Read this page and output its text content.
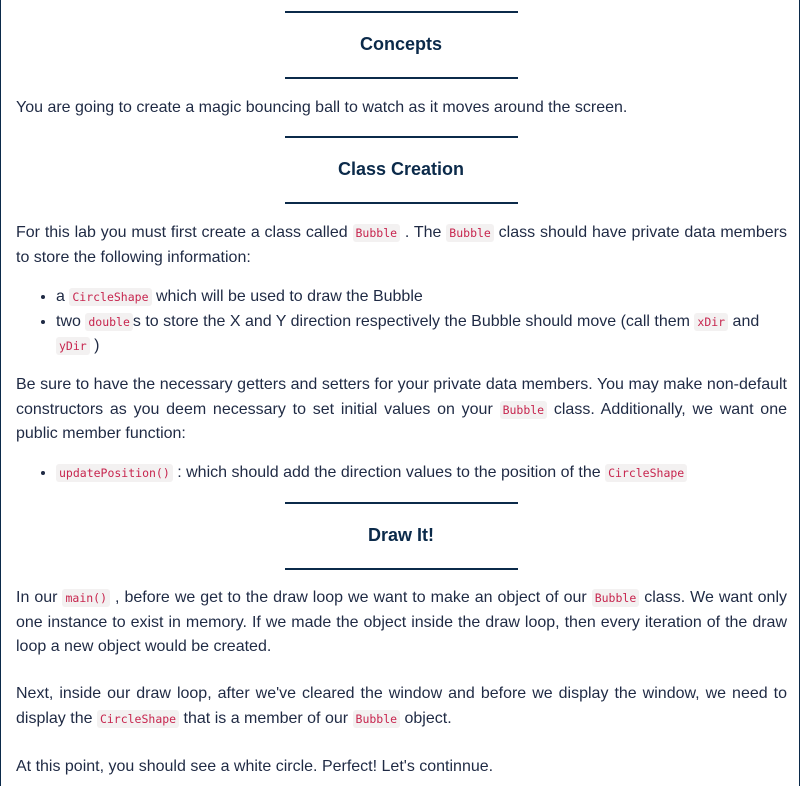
Concepts

You are going to create a magic bouncing ball to watch as it moves around the screen.

Class Creation

For this lab you must first create a class called Bubble . The Bubble class should have private data members to store the following information:

• a CircleShape which will be used to draw the Bubble
• two double s to store the X and Y direction respectively the Bubble should move (call them xDir and yDir )

Be sure to have the necessary getters and setters for your private data members. You may make non-default constructors as you deem necessary to set initial values on your Bubble class. Additionally, we want one public member function:

• updatePosition() : which should add the direction values to the position of the CircleShape
Draw It!

In our main() , before we get to the draw loop we want to make an object of our Bubble class. We want only one instance to exist in memory. If we made the object inside the draw loop, then every iteration of the draw loop a new object would be created.

Next, inside our draw loop, after we've cleared the window and before we display the window, we need to display the CircleShape that is a member of our Bubble object.

At this point, you should see a white circle. Perfect! Let's continnue.
